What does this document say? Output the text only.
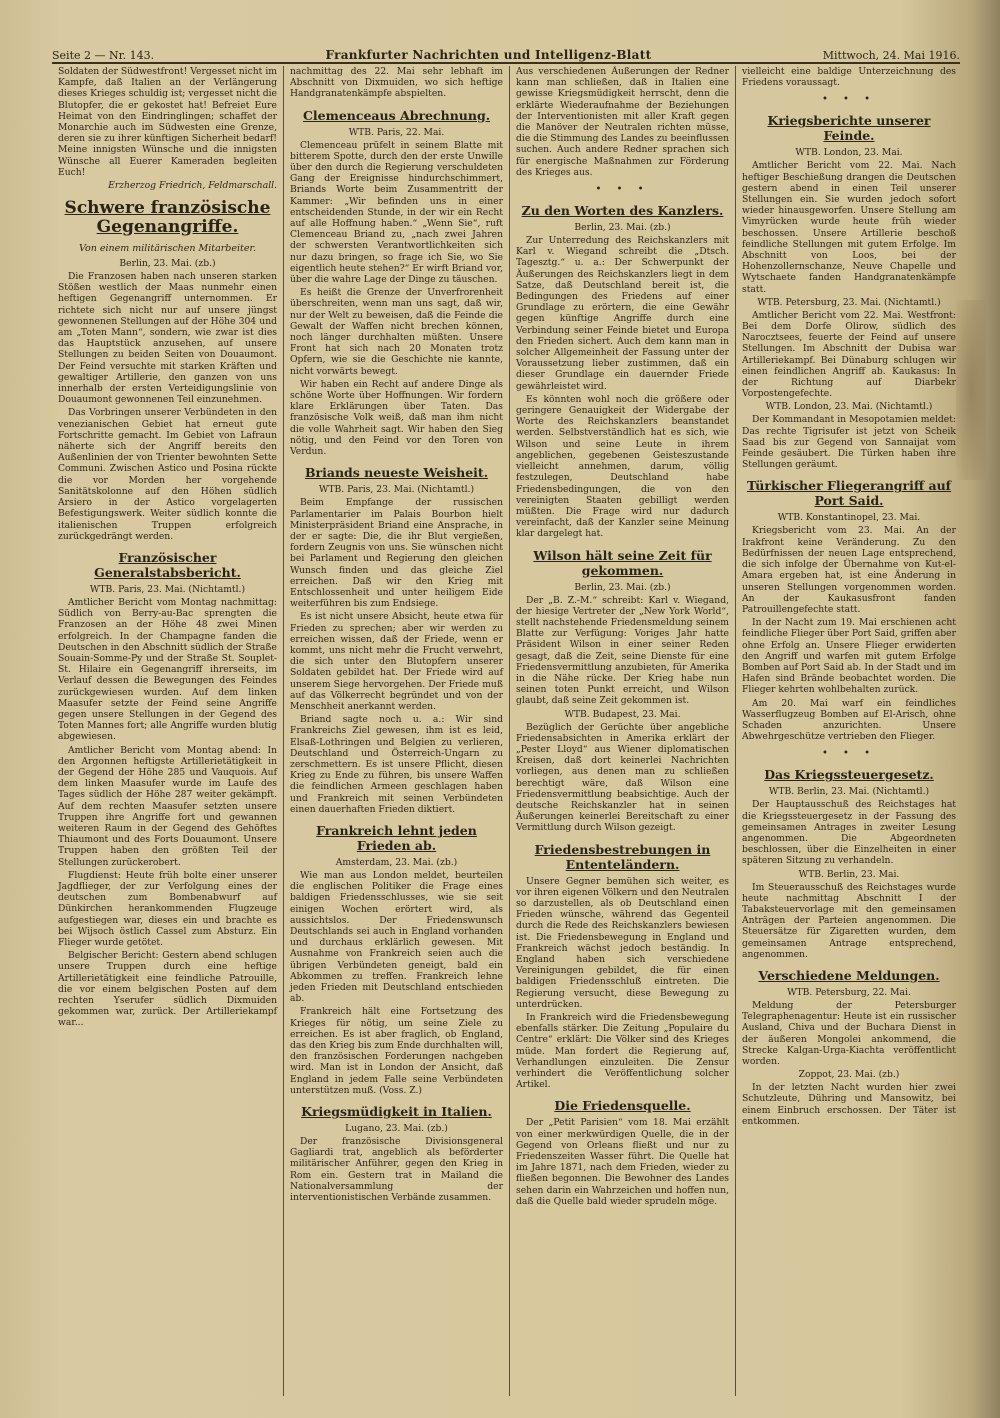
Seite 2 — Nr. 143.	Frankfurter Nachrichten und Intelligenz-Blatt	Mittwoch, 24. Mai 1916.

Soldaten der Südwestfront! Vergesset nicht im Kampfe, daß Italien an der Verlängerung dieses Krieges schuldig ist; vergesset nicht die Blutopfer, die er gekostet hat! Befreiet Eure Heimat von den Eindringlingen; schaffet der Monarchie auch im Südwesten eine Grenze, deren sie zu ihrer künftigen Sicherheit bedarf! Meine innigsten Wünsche und die innigsten Wünsche all Euerer Kameraden begleiten Euch!

Erzherzog Friedrich, Feldmarschall.
Schwere französische Gegenangriffe.
Von einem militärischen Mitarbeiter.
Berlin, 23. Mai. (zb.)

Die Franzosen haben nach unseren starken Stößen westlich der Maas nunmehr einen heftigen Gegenangriff unternommen. Er richtete sich nicht nur auf unsere jüngst gewonnenen Stellungen auf der Höhe 304 und am „Toten Mann“, sondern, wie zwar ist dies das Hauptstück anzusehen, auf unsere Stellungen zu beiden Seiten von Douaumont. Der Feind versuchte mit starken Kräften und gewaltiger Artillerie, den ganzen von uns innerhalb der ersten Verteidigungslinie von Douaumont gewonnenen Teil einzunehmen.

Das Vorbringen unserer Verbündeten in den venezianischen Gebiet hat erneut gute Fortschritte gemacht. Im Gebiet von Lafraun näherte sich der Angriff bereits den Außenlinien der von Trienter bewohnten Sette Communi. Zwischen Astico und Posina rückte die vor Morden her vorgehende Sanitätskolonne auf den Höhen südlich Arsiero in der Astico vorgelagerten Befestigungswerk. Weiter südlich konnte die italienischen Truppen erfolgreich zurückgedrängt werden.

Französischer Generalstabsbericht.
WTB. Paris, 23. Mai. (Nichtamtl.)

Amtlicher Bericht vom Montag nachmittag: Südlich von Berry-au-Bac sprengten die Franzosen an der Höhe 48 zwei Minen erfolgreich. In der Champagne fanden die Deutschen in den Abschnitt südlich der Straße Souain-Somme-Py und der Straße St. Souplet-St. Hilaire ein Gegenangriff ihrerseits, im Verlauf dessen die Bewegungen des Feindes zurückgewiesen wurden. Auf dem linken Maasufer setzte der Feind seine Angriffe gegen unsere Stellungen in der Gegend des Toten Mannes fort; alle Angriffe wurden blutig abgewiesen.

Amtlicher Bericht vom Montag abend: In den Argonnen heftigste Artillerietätigkeit in der Gegend der Höhe 285 und Vauquois. Auf dem linken Maasufer wurde im Laufe des Tages südlich der Höhe 287 weiter gekämpft. Auf dem rechten Maasufer setzten unsere Truppen ihre Angriffe fort und gewannen weiteren Raum in der Gegend des Gehöftes Thiaumont und des Forts Douaumont. Unsere Truppen haben den größten Teil der Stellungen zurückerobert.

Flugdienst: Heute früh bolte einer unserer Jagdflieger, der zur Verfolgung eines der deutschen zum Bombenabwurf auf Dünkirchen herankommenden Flugzeuge aufgestiegen war, dieses ein und brachte es bei Wijsoch östlich Cassel zum Absturz. Ein Flieger wurde getötet.

Belgischer Bericht: Gestern abend schlugen unsere Truppen durch eine heftige Artillerietätigkeit eine feindliche Patrouille, die vor einem belgischen Posten auf dem rechten Yserufer südlich Dixmuiden gekommen war, zurück. Der Artilleriekampf war...

nachmittag des 22. Mai sehr lebhaft im Abschnitt von Dixmuiden, wo sich heftige Handgranatenkämpfe abspielten.

Clemenceaus Abrechnung.
WTB. Paris, 22. Mai.

Clemenceau prüfelt in seinem Blatte mit bitterem Spotte, durch den der erste Unwille über den durch die Regierung verschuldeten Gang der Ereignisse hindurchschimmert, Briands Worte beim Zusammentritt der Kammer: „Wir befinden uns in einer entscheidenden Stunde, in der wir ein Recht auf alle Hoffnung haben.“ „Wenn Sie“, ruft Clemenceau Briand zu, „nach zwei Jahren der schwersten Verantwortlichkeiten sich nur dazu bringen, so frage ich Sie, wo Sie eigentlich heute stehen?“ Er wirft Briand vor, über die wahre Lage der Dinge zu täuschen.

Es heißt die Grenze der Unverfrorenheit überschreiten, wenn man uns sagt, daß wir, nur der Welt zu beweisen, daß die Feinde die Gewalt der Waffen nicht brechen können, noch länger durchhalten müßten. Unsere Front hat sich nach 20 Monaten trotz Opfern, wie sie die Geschichte nie kannte, nicht vorwärts bewegt.

Wir haben ein Recht auf andere Dinge als schöne Worte über Hoffnungen. Wir fordern klare Erklärungen über Taten. Das französische Volk weiß, daß man ihm nicht die volle Wahrheit sagt. Wir haben den Sieg nötig, und den Feind vor den Toren von Verdun.

Briands neueste Weisheit.
WTB. Paris, 23. Mai. (Nichtamtl.)

Beim Empfange der russischen Parlamentarier im Palais Bourbon hielt Ministerpräsident Briand eine Ansprache, in der er sagte: Die, die ihr Blut vergießen, fordern Zeugnis von uns. Sie wünschen nicht bei Parlament und Regierung den gleichen Wunsch finden und das gleiche Ziel erreichen. Daß wir den Krieg mit Entschlossenheit und unter heiligem Eide weiterführen bis zum Endsiege.

Es ist nicht unsere Absicht, heute etwa für Frieden zu sprechen; aber wir werden zu erreichen wissen, daß der Friede, wenn er kommt, uns nicht mehr die Frucht verwehrt, die sich unter den Blutopfern unserer Soldaten gebildet hat. Der Friede wird auf unserem Siege hervorgehen. Der Friede muß auf das Völkerrecht begründet und von der Menschheit anerkannt werden.

Briand sagte noch u. a.: Wir sind Frankreichs Ziel gewesen, ihm ist es leid, Elsaß-Lothringen und Belgien zu verlieren, Deutschland und Österreich-Ungarn zu zerschmettern. Es ist unsere Pflicht, diesen Krieg zu Ende zu führen, bis unsere Waffen die feindlichen Armeen geschlagen haben und Frankreich mit seinen Verbündeten einen dauerhaften Frieden diktiert.

Frankreich lehnt jeden Frieden ab.
Amsterdam, 23. Mai. (zb.)

Wie man aus London meldet, beurteilen die englischen Politiker die Frage eines baldigen Friedensschlusses, wie sie seit einigen Wochen erörtert wird, als aussichtslos. Der Friedenswunsch Deutschlands sei auch in England vorhanden und durchaus erklärlich gewesen. Mit Ausnahme von Frankreich seien auch die übrigen Verbündeten geneigt, bald ein Abkommen zu treffen. Frankreich lehne jeden Frieden mit Deutschland entschieden ab.

Frankreich hält eine Fortsetzung des Krieges für nötig, um seine Ziele zu erreichen. Es ist aber fraglich, ob England, das den Krieg bis zum Ende durchhalten will, den französischen Forderungen nachgeben wird. Man ist in London der Ansicht, daß England in jedem Falle seine Verbündeten unterstützen muß. (Voss. Z.)

Kriegsmüdigkeit in Italien.
Lugano, 23. Mai. (zb.)

Der französische Divisionsgeneral Gagliardi trat, angeblich als beförderter militärischer Anführer, gegen den Krieg in Rom ein. Gestern trat in Mailand die Nationalversammlung der interventionistischen Verbände zusammen.

Aus verschiedenen Äußerungen der Redner kann man schließen, daß in Italien eine gewisse Kriegsmüdigkeit herrscht, denn die erklärte Wiederaufnahme der Beziehungen der Interventionisten mit aller Kraft gegen die Manöver der Neutralen richten müsse, die die Stimmung des Landes zu beeinflussen suchen. Auch andere Redner sprachen sich für energische Maßnahmen zur Förderung des Krieges aus.

• • •
Zu den Worten des Kanzlers.
Berlin, 23. Mai. (zb.)

Zur Unterredung des Reichskanzlers mit Karl v. Wiegand schreibt die „Dtsch. Tagesztg.“ u. a.: Der Schwerpunkt der Äußerungen des Reichskanzlers liegt in dem Satze, daß Deutschland bereit ist, die Bedingungen des Friedens auf einer Grundlage zu erörtern, die eine Gewähr gegen künftige Angriffe durch eine Verbindung seiner Feinde bietet und Europa den Frieden sichert. Auch dem kann man in solcher Allgemeinheit der Fassung unter der Voraussetzung lieber zustimmen, daß ein dieser Grundlage ein dauernder Friede gewährleistet wird.

Es könnten wohl noch die größere oder geringere Genauigkeit der Widergabe der Worte des Reichskanzlers beanstandet werden. Selbstverständlich hat es sich, wie Wilson und seine Leute in ihrem angeblichen, gegebenen Geisteszustande vielleicht annehmen, darum, völlig festzulegen, Deutschland habe Friedensbedingungen, die von den vereinigten Staaten gebilligt werden müßten. Die Frage wird nur dadurch vereinfacht, daß der Kanzler seine Meinung klar dargelegt hat.

Wilson hält seine Zeit für gekommen.
Berlin, 23. Mai. (zb.)

Der „B. Z.-M.“ schreibt: Karl v. Wiegand, der hiesige Vertreter der „New York World“, stellt nachstehende Friedensmeldung seinem Blatte zur Verfügung: Voriges Jahr hatte Präsident Wilson in einer seiner Reden gesagt, daß die Zeit, seine Dienste für eine Friedensvermittlung anzubieten, für Amerika in die Nähe rücke. Der Krieg habe nun seinen toten Punkt erreicht, und Wilson glaubt, daß seine Zeit gekommen ist.

WTB. Budapest, 23. Mai.

Bezüglich der Gerüchte über angebliche Friedensabsichten in Amerika erklärt der „Pester Lloyd“ aus Wiener diplomatischen Kreisen, daß dort keinerlei Nachrichten vorliegen, aus denen man zu schließen berechtigt wäre, daß Wilson eine Friedensvermittlung beabsichtige. Auch der deutsche Reichskanzler hat in seinen Äußerungen keinerlei Bereitschaft zu einer Vermittlung durch Wilson gezeigt.

Friedensbestrebungen in Ententeländern.

Unsere Gegner bemühen sich weiter, es vor ihren eigenen Völkern und den Neutralen so darzustellen, als ob Deutschland einen Frieden wünsche, während das Gegenteil durch die Rede des Reichskanzlers bewiesen ist. Die Friedensbewegung in England und Frankreich wächst jedoch beständig. In England haben sich verschiedene Vereinigungen gebildet, die für einen baldigen Friedensschluß eintreten. Die Regierung versucht, diese Bewegung zu unterdrücken.

In Frankreich wird die Friedensbewegung ebenfalls stärker. Die Zeitung „Populaire du Centre“ erklärt: Die Völker sind des Krieges müde. Man fordert die Regierung auf, Verhandlungen einzuleiten. Die Zensur verhindert die Veröffentlichung solcher Artikel.

Die Friedensquelle.

Der „Petit Parisien“ vom 18. Mai erzählt von einer merkwürdigen Quelle, die in der Gegend von Orleans fließt und nur zu Friedenszeiten Wasser führt. Die Quelle hat im Jahre 1871, nach dem Frieden, wieder zu fließen begonnen. Die Bewohner des Landes sehen darin ein Wahrzeichen und hoffen nun, daß die Quelle bald wieder sprudeln möge.

vielleicht eine baldige Unterzeichnung des Friedens voraussagt.

• • •
Kriegsberichte unserer Feinde.
WTB. London, 23. Mai.

Amtlicher Bericht vom 22. Mai. Nach heftiger Beschießung drangen die Deutschen gestern abend in einen Teil unserer Stellungen ein. Sie wurden jedoch sofort wieder hinausgeworfen. Unsere Stellung am Vimyrücken wurde heute früh wieder beschossen. Unsere Artillerie beschoß feindliche Stellungen mit gutem Erfolge. Im Abschnitt von Loos, bei der Hohenzollernschanze, Neuve Chapelle und Wytschaete fanden Handgranatenkämpfe statt.

WTB. Petersburg, 23. Mai. (Nichtamtl.)

Amtlicher Bericht vom 22. Mai. Westfront: Bei dem Dorfe Olirow, südlich des Narocztsees, feuerte der Feind auf unsere Stellungen. Im Abschnitt der Dubisa war Artilleriekampf. Bei Dünaburg schlugen wir einen feindlichen Angriff ab. Kaukasus: In der Richtung auf Diarbekr Vorpostengefechte.

WTB. London, 23. Mai. (Nichtamtl.)

Der Kommandant in Mesopotamien meldet: Das rechte Tigrisufer ist jetzt von Scheik Saad bis zur Gegend von Sannaijat vom Feinde gesäubert. Die Türken haben ihre Stellungen geräumt.

Türkischer Fliegerangriff auf Port Said.
WTB. Konstantinopel, 23. Mai.

Kriegsbericht vom 23. Mai. An der Irakfront keine Veränderung. Zu den Bedürfnissen der neuen Lage entsprechend, die sich infolge der Übernahme von Kut-el-Amara ergeben hat, ist eine Änderung in unseren Stellungen vorgenommen worden. An der Kaukasusfront fanden Patrouillengefechte statt.

In der Nacht zum 19. Mai erschienen acht feindliche Flieger über Port Said, griffen aber ohne Erfolg an. Unsere Flieger erwiderten den Angriff und warfen mit gutem Erfolge Bomben auf Port Said ab. In der Stadt und im Hafen sind Brände beobachtet worden. Die Flieger kehrten wohlbehalten zurück.

Am 20. Mai warf ein feindliches Wasserflugzeug Bomben auf El-Arisch, ohne Schaden anzurichten. Unsere Abwehrgeschütze vertrieben den Flieger.

• • •
Das Kriegssteuergesetz.
WTB. Berlin, 23. Mai. (Nichtamtl.)

Der Hauptausschuß des Reichstages hat die Kriegssteuergesetz in der Fassung des gemeinsamen Antrages in zweiter Lesung angenommen. Die Abgeordneten beschlossen, über die Einzelheiten in einer späteren Sitzung zu verhandeln.

WTB. Berlin, 23. Mai.

Im Steuerausschuß des Reichstages wurde heute nachmittag Abschnitt I der Tabaksteuervorlage mit den gemeinsamen Anträgen der Parteien angenommen. Die Steuersätze für Zigaretten wurden, dem gemeinsamen Antrage entsprechend, angenommen.

Verschiedene Meldungen.
WTB. Petersburg, 22. Mai.

Meldung der Petersburger Telegraphenagentur: Heute ist ein russischer Ausland, Chiva und der Buchara Dienst in der äußeren Mongolei ankommend, die Strecke Kalgan-Urga-Kiachta veröffentlicht worden.

Zoppot, 23. Mai. (zb.)

In der letzten Nacht wurden hier zwei Schutzleute, Dühring und Mansowitz, bei einem Einbruch erschossen. Der Täter ist entkommen.
